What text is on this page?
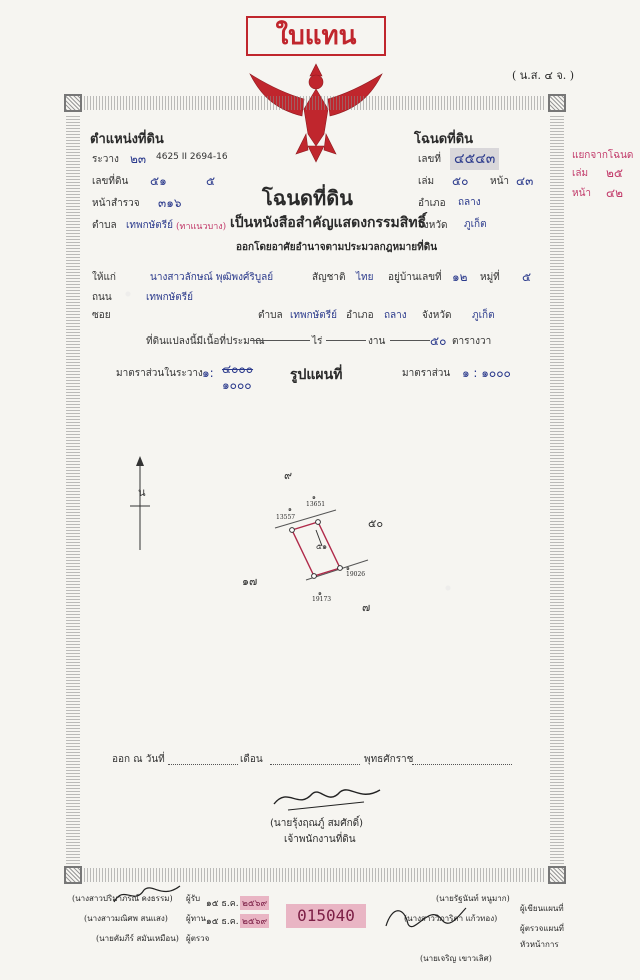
ใบแทน
( น.ส. ๔ จ. )
ตำแหน่งที่ดิน
ระวาง ๒๓ 4625 II 2694-16
เลขที่ดิน ๕๑	๕
หน้าสำรวจ ๓๑๖
ตำบล เทพกษัตรีย์ (ทาแนวบาง)
โฉนดที่ดิน
เลขที่ ๔๕๔๓
เล่ม ๕๐ หน้า ๔๓
อำเภอ ถลาง
จังหวัด ภูเก็ต
แยกจากโฉนด
เล่ม ๒๕
หน้า ๔๒
โฉนดที่ดิน
เป็นหนังสือสำคัญแสดงกรรมสิทธิ์
ออกโดยอาศัยอำนาจตามประมวลกฎหมายที่ดิน
ให้แก่	นางสาวลักษณ์ พุฒิพงศ์ริบูลย์	สัญชาติ ไทย อยู่บ้านเลขที่ ๑๒ หมู่ที่ ๕
ถนน	เทพกษัตรีย์
ซอย	ตำบล เทพกษัตรีย์ อำเภอ ถลาง จังหวัด ภูเก็ต
ที่ดินแปลงนี้มีเนื้อที่ประมาณ	ไร่	งาน	๕๐ ตารางวา
มาตราส่วนในระวาง ๑: ๔๐๐๐
๑๐๐๐
รูปแผนที่	มาตราส่วน ๑ : ๑๐๐๐
น
๙
๕๐
๑๗
๗
๑
13557
๑
13651
๑
19026
๑
19173
๕๑
ออก ณ วันที่	เดือน	พุทธศักราช
(นายรุ้งฤณภู์ สมศักดิ์)
เจ้าพนักงานที่ดิน
(นางสาวปริมาภรณ์ คงธรรม) ผู้รับ
(นางสาวมณิศพ สนแสง) ผู้ทาน
(นายคัมภีร์ สมันเหมือน) ผู้ตรวจ
๑๕ ธ.ค. ๒๕๖๙
๑๕ ธ.ค. ๒๕๖๙	015040
(นายรัฐนันท์ หนูมาก)
ผู้เขียนแผนที่
(นางสาววิภาริตา แก้วทอง)
ผู้ตรวจแผนที่
(นายเจริญ เขาวเลิศ)
หัวหน้าการ
